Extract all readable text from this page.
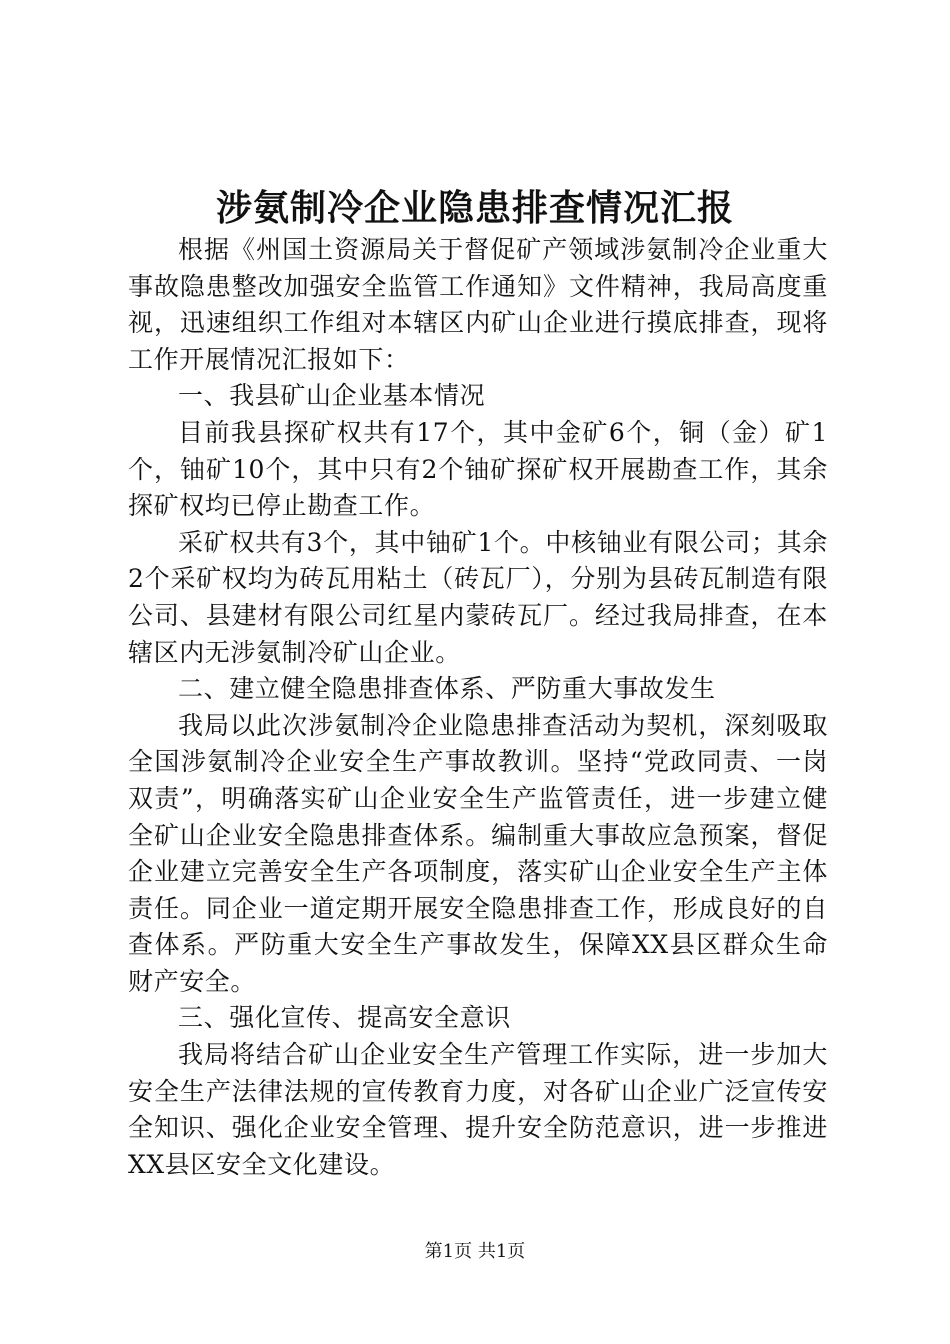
涉氨制冷企业隐患排查情况汇报

根据《州国土资源局关于督促矿产领域涉氨制冷企业重大事故隐患整改加强安全监管工作通知》文件精神，我局高度重视，迅速组织工作组对本辖区内矿山企业进行摸底排查，现将工作开展情况汇报如下：

一、我县矿山企业基本情况

目前我县探矿权共有17个，其中金矿6个，铜（金）矿1个，铀矿10个，其中只有2个铀矿探矿权开展勘查工作，其余探矿权均已停止勘查工作。

采矿权共有3个，其中铀矿1个。中核铀业有限公司；其余2个采矿权均为砖瓦用粘土（砖瓦厂），分别为县砖瓦制造有限公司、县建材有限公司红星内蒙砖瓦厂。经过我局排查，在本辖区内无涉氨制冷矿山企业。

二、建立健全隐患排查体系、严防重大事故发生

我局以此次涉氨制冷企业隐患排查活动为契机，深刻吸取全国涉氨制冷企业安全生产事故教训。坚持“党政同责、一岗双责”，明确落实矿山企业安全生产监管责任，进一步建立健全矿山企业安全隐患排查体系。编制重大事故应急预案，督促企业建立完善安全生产各项制度，落实矿山企业安全生产主体责任。同企业一道定期开展安全隐患排查工作，形成良好的自查体系。严防重大安全生产事故发生，保障XX县区群众生命财产安全。

三、强化宣传、提高安全意识

我局将结合矿山企业安全生产管理工作实际，进一步加大安全生产法律法规的宣传教育力度，对各矿山企业广泛宣传安全知识、强化企业安全管理、提升安全防范意识，进一步推进XX县区安全文化建设。

第1页 共1页
